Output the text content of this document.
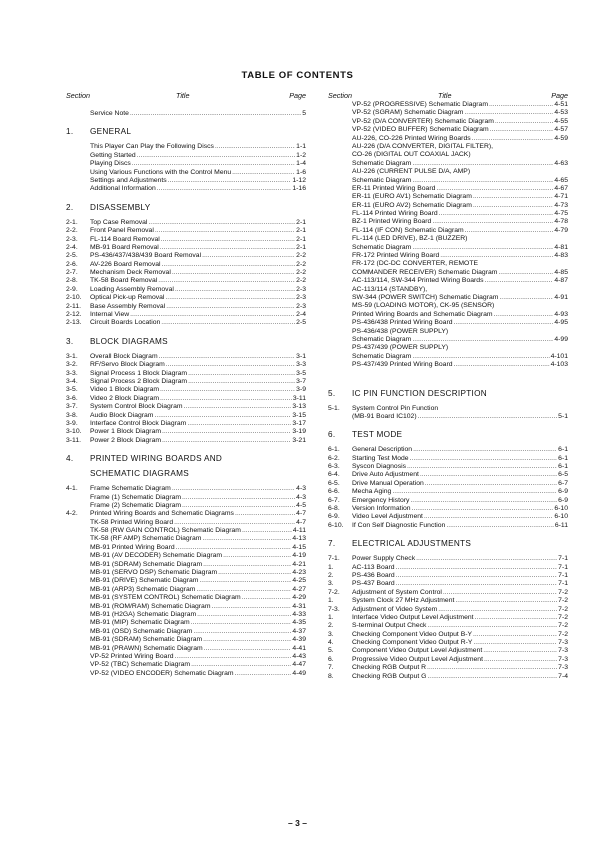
TABLE OF CONTENTS
Section	Title	Page
Service Note .....	5
1.	GENERAL
This Player Can Play the Following Discs .....	1-1
Getting Started .....	1-2
Playing Discs .....	1-4
Using Various Functions with the Control Menu .....	1-6
Settings and Adjustments .....	1-12
Additional Information .....	1-16
2.	DISASSEMBLY
2-1.	Top Case Removal .....	2-1
2-2.	Front Panel Removal .....	2-1
2-3.	FL-114 Board Removal .....	2-1
2-4.	MB-91 Board Removal .....	2-1
2-5.	PS-436/437/438/439 Board Removal .....	2-2
2-6.	AV-226 Board Removal .....	2-2
2-7.	Mechanism Deck Removal .....	2-2
2-8.	TK-58 Board Removal .....	2-2
2-9.	Loading Assembly Removal .....	2-3
2-10.	Optical Pick-up Removal .....	2-3
2-11.	Base Assembly Removal .....	2-3
2-12.	Internal View .....	2-4
2-13.	Circuit Boards Location .....	2-5
3.	BLOCK DIAGRAMS
3-1.	Overall Block Diagram .....	3-1
3-2.	RF/Servo Block Diagram .....	3-3
3-3.	Signal Process 1 Block Diagram .....	3-5
3-4.	Signal Process 2 Block Diagram .....	3-7
3-5.	Video 1 Block Diagram .....	3-9
3-6.	Video 2 Block Diagram .....	3-11
3-7.	System Control Block Diagram .....	3-13
3-8.	Audio Block Diagram .....	3-15
3-9.	Interface Control Block Diagram .....	3-17
3-10.	Power 1 Block Diagram .....	3-19
3-11.	Power 2 Block Diagram .....	3-21
4.	PRINTED WIRING BOARDS AND
SCHEMATIC DIAGRAMS
4-1.	Frame Schematic Diagram .....	4-3
Frame (1) Schematic Diagram .....	4-3
Frame (2) Schematic Diagram .....	4-5
4-2.	Printed Wiring Boards and Schematic Diagrams .....	4-7
TK-58 Printed Wiring Board .....	4-7
TK-58 (RW GAIN CONTROL) Schematic Diagram .....	4-11
TK-58 (RF AMP) Schematic Diagram .....	4-13
MB-91 Printed Wiring Board .....	4-15
MB-91 (AV DECODER) Schematic Diagram .....	4-19
MB-91 (SDRAM) Schematic Diagram .....	4-21
MB-91 (SERVO DSP) Schematic Diagram .....	4-23
MB-91 (DRIVE) Schematic Diagram .....	4-25
MB-91 (ARP3) Schematic Diagram .....	4-27
MB-91 (SYSTEM CONTROL) Schematic Diagram .....	4-29
MB-91 (ROM/RAM) Schematic Diagram .....	4-31
MB-91 (H2GA) Schematic Diagram .....	4-33
MB-91 (MIP) Schematic Diagram .....	4-35
MB-91 (OSD) Schematic Diagram .....	4-37
MB-91 (SDRAM) Schematic Diagram .....	4-39
MB-91 (PRAWN) Schematic Diagram .....	4-41
VP-52 Printed Wiring Board .....	4-43
VP-52 (TBC) Schematic Diagram .....	4-47
VP-52 (VIDEO ENCODER) Schematic Diagram .....	4-49
Section	Title	Page
VP-52 (PROGRESSIVE) Schematic Diagram .....	4-51
VP-52 (SGRAM) Schematic Diagram .....	4-53
VP-52 (D/A CONVERTER) Schematic Diagram .....	4-55
VP-52 (VIDEO BUFFER) Schematic Diagram .....	4-57
AU-226, CO-226 Printed Wiring Boards .....	4-59
AU-226 (D/A CONVERTER, DIGITAL FILTER),
CO-26 (DIGITAL OUT COAXIAL JACK)
Schematic Diagram .....	4-63
AU-226 (CURRENT PULSE D/A, AMP)
Schematic Diagram .....	4-65
ER-11 Printed Wiring Board .....	4-67
ER-11 (EURO AV1) Schematic Diagram .....	4-71
ER-11 (EURO AV2) Schematic Diagram .....	4-73
FL-114 Printed Wiring Board .....	4-75
BZ-1 Printed Wiring Board .....	4-78
FL-114 (IF CON) Schematic Diagram .....	4-79
FL-114 (LED DRIVE), BZ-1 (BUZZER)
Schematic Diagram .....	4-81
FR-172 Printed Wiring Board .....	4-83
FR-172 (DC-DC CONVERTER, REMOTE
COMMANDER RECEIVER) Schematic Diagram .....	4-85
AC-113/114, SW-344 Printed Wiring Boards .....	4-87
AC-113/114 (STANDBY),
SW-344 (POWER SWITCH) Schematic Diagram .....	4-91
MS-59 (LOADING MOTOR), CK-95 (SENSOR)
Printed Wiring Boards and Schematic Diagram .....	4-93
PS-436/438 Printed Wiring Board .....	4-95
PS-436/438 (POWER SUPPLY)
Schematic Diagram .....	4-99
PS-437/439 (POWER SUPPLY)
Schematic Diagram .....	4-101
PS-437/439 Printed Wiring Board .....	4-103
5.	IC PIN FUNCTION DESCRIPTION
5-1.	System Control Pin Function
(MB-91 Board IC102) .....	5-1
6.	TEST MODE
6-1.	General Description .....	6-1
6-2.	Starting Test Mode .....	6-1
6-3.	Syscon Diagnosis .....	6-1
6-4.	Drive Auto Adjustment .....	6-5
6-5.	Drive Manual Operation .....	6-7
6-6.	Mecha Aging .....	6-9
6-7.	Emergency History .....	6-9
6-8.	Version Information .....	6-10
6-9.	Video Level Adjustment .....	6-10
6-10.	If Con Self Diagnostic Function .....	6-11
7.	ELECTRICAL ADJUSTMENTS
7-1.	Power Supply Check .....	7-1
1.	AC-113 Board .....	7-1
2.	PS-436 Board .....	7-1
3.	PS-437 Board .....	7-1
7-2.	Adjustment of System Control .....	7-2
1.	System Clock 27 MHz Adjustment .....	7-2
7-3.	Adjustment of Video System .....	7-2
1.	Interface Video Output Level Adjustment .....	7-2
2.	S-terminal Output Check .....	7-2
3.	Checking Component Video Output B-Y .....	7-2
4.	Checking Component Video Output R-Y .....	7-3
5.	Component Video Output Level Adjustment .....	7-3
6.	Progressive Video Output Level Adjustment .....	7-3
7.	Checking RGB Output R .....	7-3
8.	Checking RGB Output G .....	7-4
– 3 –
